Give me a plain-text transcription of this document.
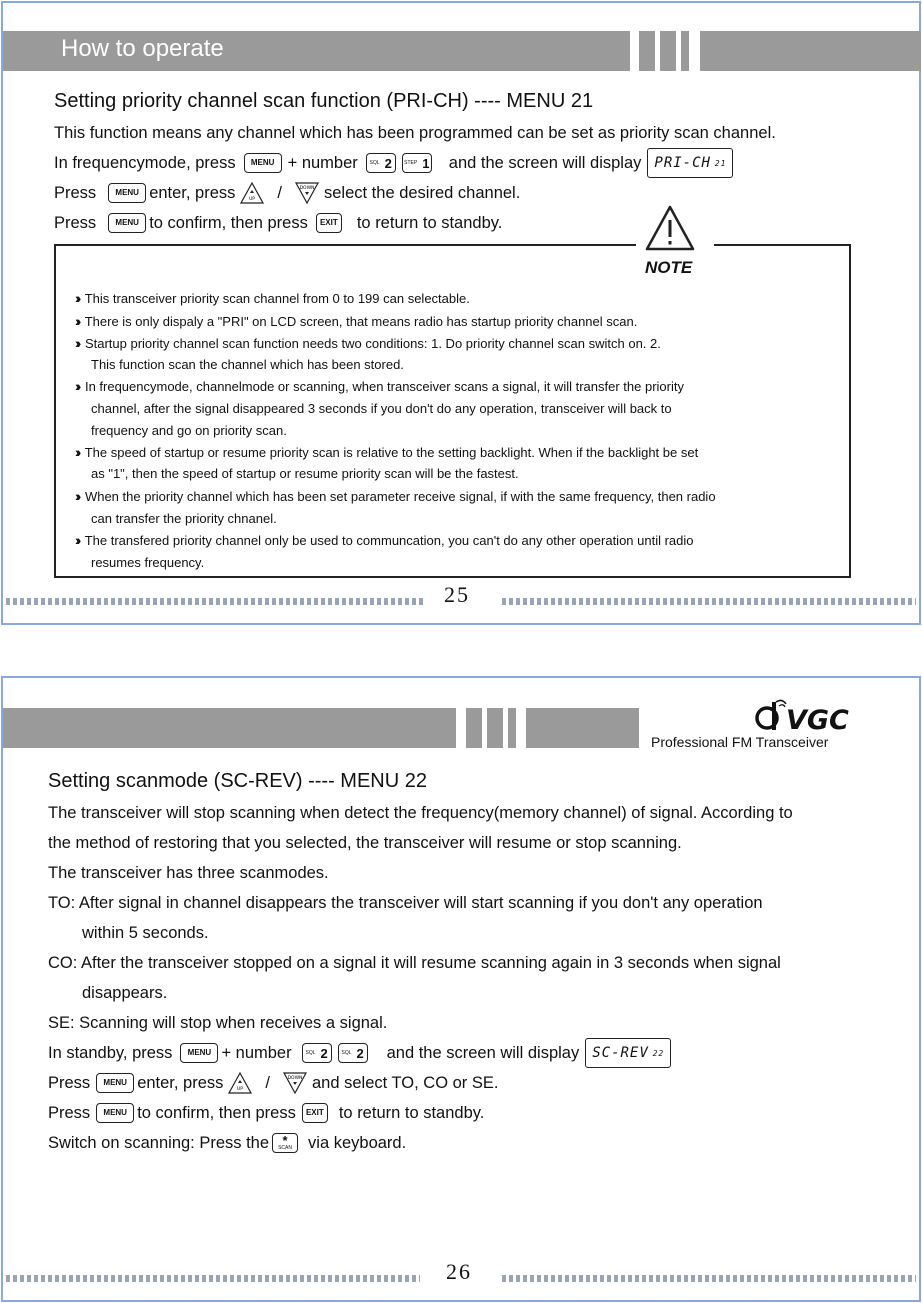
How to operate
Setting priority channel scan function (PRI-CH) ---- MENU 21
This function means any channel which has been programmed can be set as priority scan channel.
In frequencymode, press	MENU + number SQL 2 STEP 1 and the screen will display PRI-CH 21
Press	MENU enter, press	UP /	DOWN select the desired channel.
Press	MENU to confirm, then press	EXIT to return to standby.
NOTE
›› This transceiver priority scan channel from 0 to 199 can selectable.
›› There is only dispaly a "PRI" on LCD screen, that means radio has startup priority channel scan.
›› Startup priority channel scan function needs two conditions: 1. Do priority channel scan switch on. 2.
This function scan the channel which has been stored.
›› In frequencymode, channelmode or scanning, when transceiver scans a signal, it will transfer the priority
channel, after the signal disappeared 3 seconds if you don't do any operation, transceiver will back to
frequency and go on priority scan.
›› The speed of startup or resume priority scan is relative to the setting backlight. When if the backlight be set
as "1", then the speed of startup or resume priority scan will be the fastest.
›› When the priority channel which has been set parameter receive signal, if with the same frequency, then radio
can transfer the priority chnanel.
›› The transfered priority channel only be used to communcation, you can't do any other operation until radio
resumes frequency.
25
VGC
Professional FM Transceiver
Setting scanmode (SC-REV) ---- MENU 22
The transceiver will stop scanning when detect the frequency(memory channel) of signal. According to
the method of restoring that you selected, the transceiver will resume or stop scanning.
The transceiver has three scanmodes.
TO: After signal in channel disappears the transceiver will start scanning if you don't any operation
within 5 seconds.
CO: After the transceiver stopped on a signal it will resume scanning again in 3 seconds when signal
disappears.
SE: Scanning will stop when receives a signal.
In standby, press	MENU + number	SQL 2	SQL 2 and the screen will display SC-REV 22
Press	MENU enter, press	UP /	DOWN and select TO, CO or SE.
Press	MENU to confirm, then press	EXIT to return to standby.
Switch on scanning: Press the *
SCAN via keyboard.
26
